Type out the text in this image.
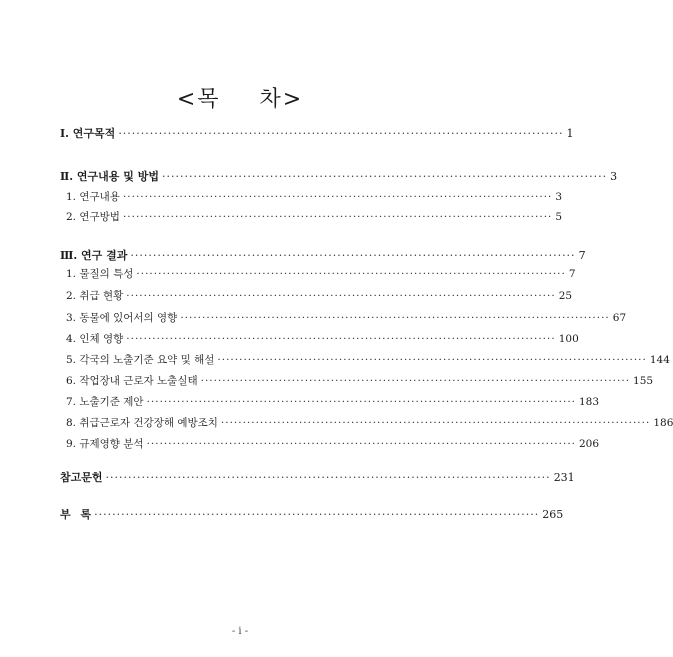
<목 차>
Ⅰ. 연구목적 ··································································································· 1
Ⅱ. 연구내용 및 방법 ··································································································· 3
1. 연구내용 ··································································································· 3
2. 연구방법 ··································································································· 5
Ⅲ. 연구 결과 ··································································································· 7
1. 물질의 특성 ··································································································· 7
2. 취급 현황 ··································································································· 25
3. 동물에 있어서의 영향 ··································································································· 67
4. 인체 영향 ··································································································· 100
5. 각국의 노출기준 요약 및 해설 ··································································································· 144
6. 작업장내 근로자 노출실태 ··································································································· 155
7. 노출기준 제안 ··································································································· 183
8. 취급근로자 건강장해 예방조치 ··································································································· 186
9. 규제영향 분석 ··································································································· 206
참고문헌 ··································································································· 231
부 록 ··································································································· 265
- i -
